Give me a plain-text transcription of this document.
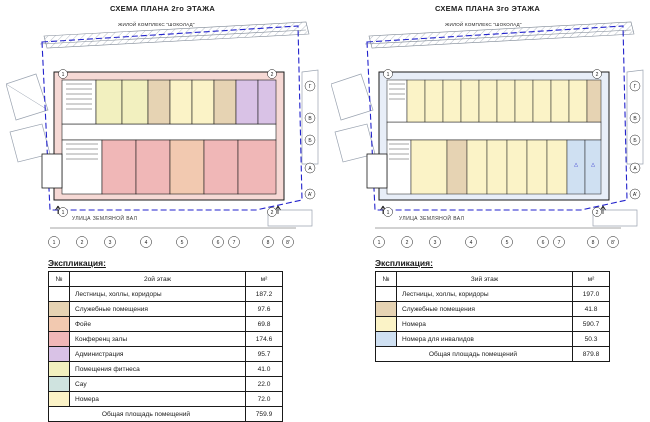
СХЕМА ПЛАНА 2го ЭТАЖА
1	2
1	2
Г
В
Б
А
А'
1	2	3	4	5	6	7	8	8'
ЖИЛОЙ КОМПЛЕКС "ШОКОЛАД"
УЛИЦА ЗЕМЛЯНОЙ ВАЛ
Экспликация:
№	2ой этаж	м²
	Лестницы, холлы, коридоры	187.2
	Служебные помещения	97.6
	Фойе	69.8
	Конференц залы	174.6
	Администрация	95.7
	Помещения фитнеса	41.0
	Cay	22.0
	Номера	72.0
Общая площадь помещений		759.9
СХЕМА ПЛАНА 3го ЭТАЖА
△	△
1	2
1	2
Г
В
Б
А
А'
1	2	3	4	5	6	7	8	8'
ЖИЛОЙ КОМПЛЕКС "ШОКОЛАД"
УЛИЦА ЗЕМЛЯНОЙ ВАЛ
Экспликация:
№	Зий этаж	м²
	Лестницы, холлы, коридоры	197.0
	Служебные помещения	41.8
	Номера	590.7
	Номера для инвалидов	50.3
Общая площадь помещений		879.8
